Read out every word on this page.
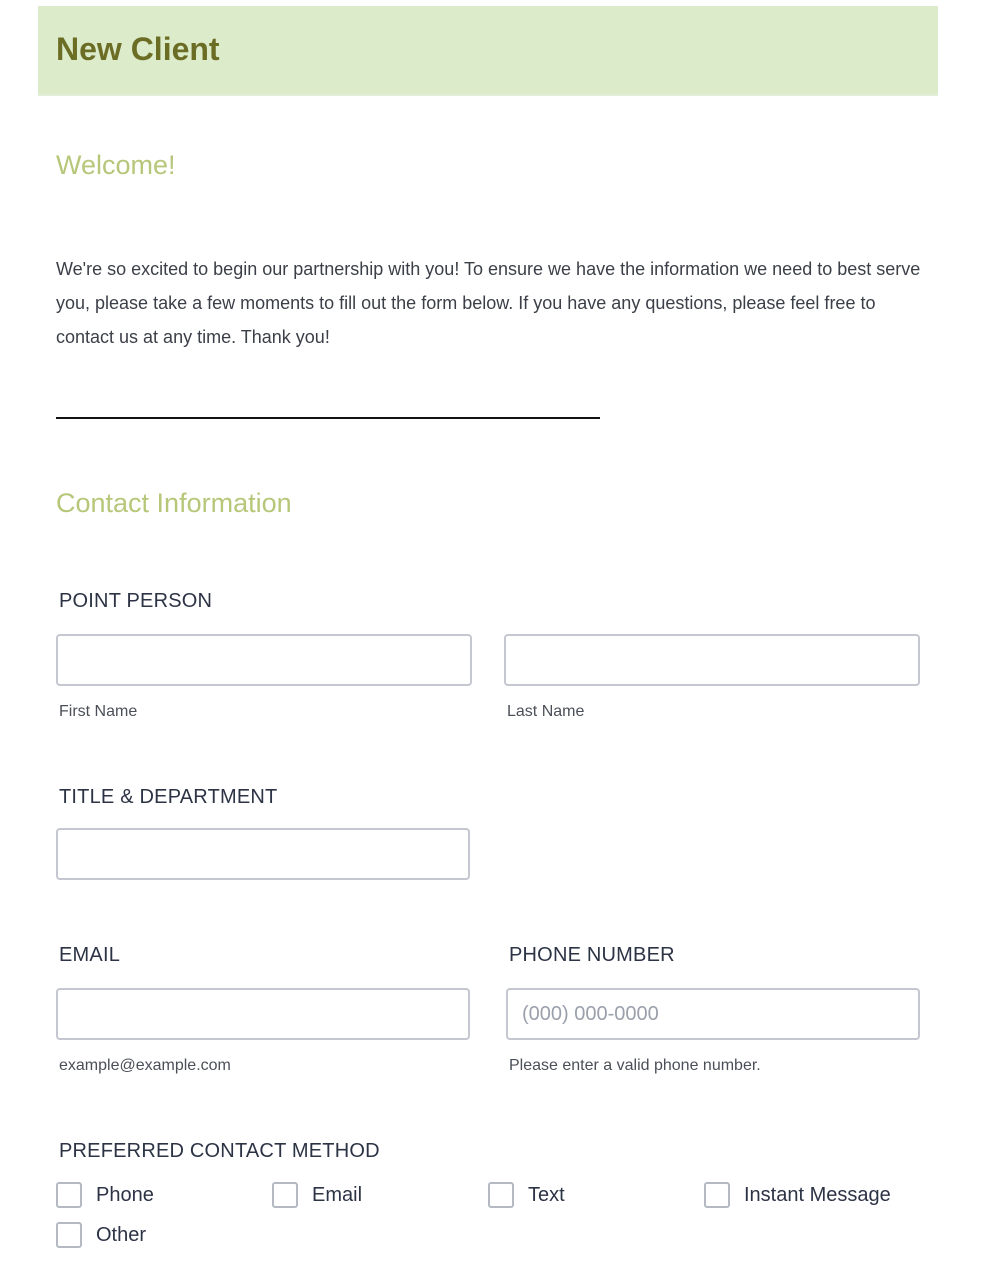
New Client
Welcome!

We're so excited to begin our partnership with you! To ensure we have the information we need to best serve you, please take a few moments to fill out the form below. If you have any questions, please feel free to contact us at any time. Thank you!

Contact Information
POINT PERSON
First Name	Last Name
TITLE & DEPARTMENT
EMAIL
example@example.com
PHONE NUMBER
(000) 000-0000
Please enter a valid phone number.
PREFERRED CONTACT METHOD
Phone	Email	Text	Instant Message
Other
